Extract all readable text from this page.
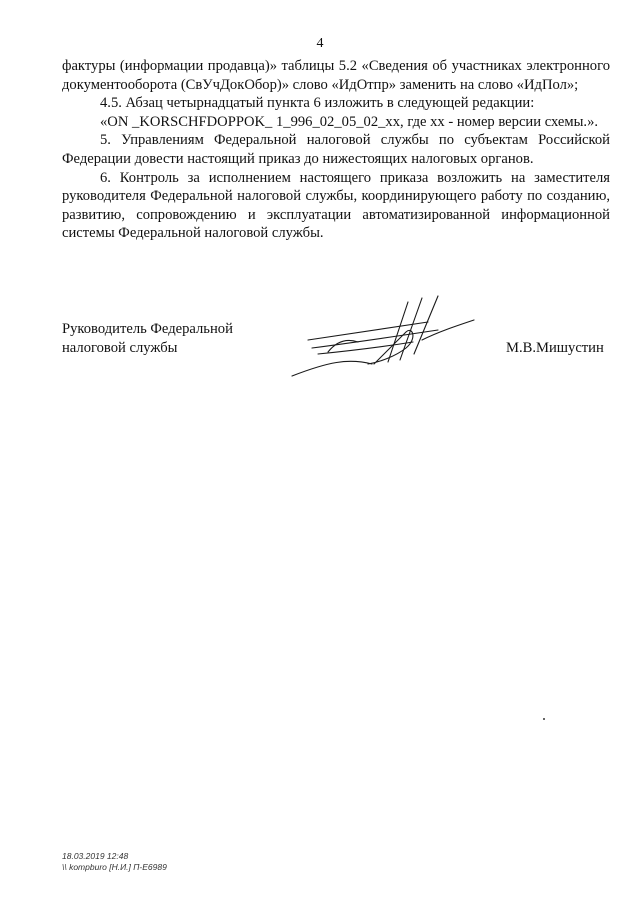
4

фактуры (информации продавца)» таблицы 5.2 «Сведения об участниках электронного документооборота (СвУчДокОбор)» слово «ИдОтпр» заменить на слово «ИдПол»;

4.5. Абзац четырнадцатый пункта 6 изложить в следующей редакции:

«ON _KORSCHFDOPPOK_ 1_996_02_05_02_xx, где xx - номер версии схемы.».

5. Управлениям Федеральной налоговой службы по субъектам Российской Федерации довести настоящий приказ до нижестоящих налоговых органов.

6. Контроль за исполнением настоящего приказа возложить на заместителя руководителя Федеральной налоговой службы, координирующего работу по созданию, развитию, сопровождению и эксплуатации автоматизированной информационной системы Федеральной налоговой службы.

Руководитель Федеральной
налоговой службы	М.В.Мишустин
18.03.2019 12:48
\\ kompburo [Н.И.] П-Е6989
